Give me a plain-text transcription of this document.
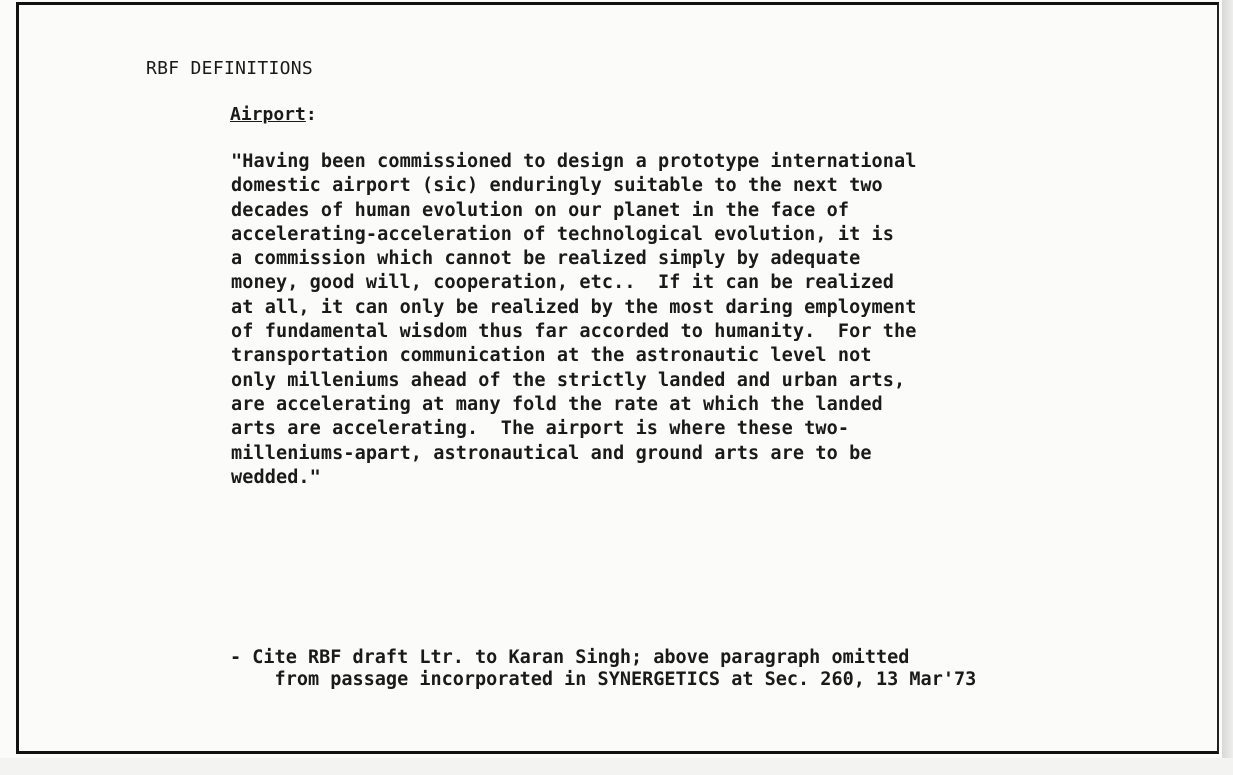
RBF DEFINITIONS
Airport:
"Having been commissioned to design a prototype international
domestic airport (sic) enduringly suitable to the next two
decades of human evolution on our planet in the face of
accelerating-acceleration of technological evolution, it is
a commission which cannot be realized simply by adequate
money, good will, cooperation, etc..  If it can be realized
at all, it can only be realized by the most daring employment
of fundamental wisdom thus far accorded to humanity.  For the
transportation communication at the astronautic level not
only milleniums ahead of the strictly landed and urban arts,
are accelerating at many fold the rate at which the landed
arts are accelerating.  The airport is where these two-
milleniums-apart, astronautical and ground arts are to be
wedded."
- Cite RBF draft Ltr. to Karan Singh; above paragraph omitted
from passage incorporated in SYNERGETICS at Sec. 260, 13 Mar'73
